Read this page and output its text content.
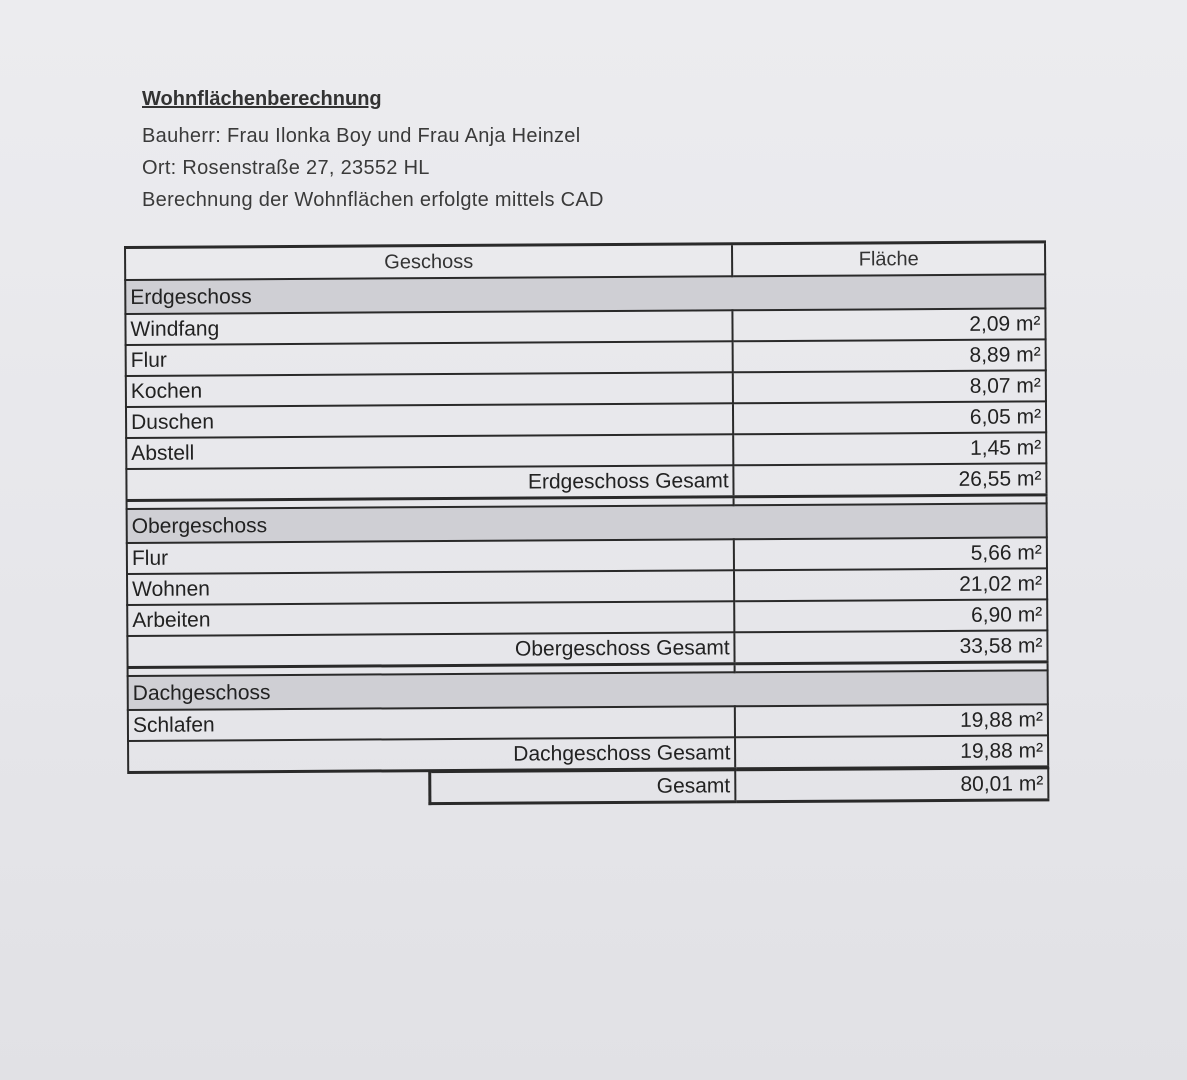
Wohnflächenberechnung
Bauherr: Frau Ilonka Boy und Frau Anja Heinzel
Ort: Rosenstraße 27, 23552 HL
Berechnung der Wohnflächen erfolgte mittels CAD
Geschoss	Fläche
Erdgeschoss	
Windfang	2,09 m²
Flur	8,89 m²
Kochen	8,07 m²
Duschen	6,05 m²
Abstell	1,45 m²
Erdgeschoss Gesamt	26,55 m²

Obergeschoss	
Flur	5,66 m²
Wohnen	21,02 m²
Arbeiten	6,90 m²
Obergeschoss Gesamt	33,58 m²

Dachgeschoss	
Schlafen	19,88 m²
Dachgeschoss Gesamt	19,88 m²
	Gesamt	80,01 m²
